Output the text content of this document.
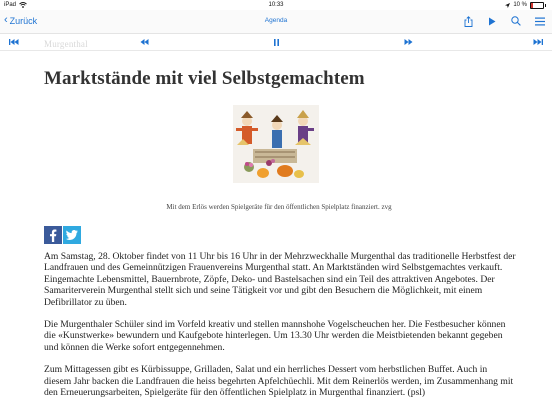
iPad	10:33	10 %
‹ Zurück	Agenda
Murgenthal
Marktstände mit viel Selbstgemachtem
Mit dem Erlös werden Spielgeräte für den öffentlichen Spielplatz finanziert. zvg

Am Samstag, 28. Oktober findet von 11 Uhr bis 16 Uhr in der Mehrzweckhalle Murgenthal das traditionelle Herbstfest der Landfrauen und des Gemeinnützigen Frauenvereins Murgenthal statt. An Marktständen wird Selbstgemachtes verkauft. Eingemachte Lebensmittel, Bauernbrote, Zöpfe, Deko- und Bastelsachen sind ein Teil des attraktiven Angebotes. Der Samariterverein Murgenthal stellt sich und seine Tätigkeit vor und gibt den Besuchern die Möglichkeit, mit einem Defibrillator zu üben.

Die Murgenthaler Schüler sind im Vorfeld kreativ und stellen mannshohe Vogelscheuchen her. Die Festbesucher können die «Kunstwerke» bewundern und Kaufgebote hinterlegen. Um 13.30 Uhr werden die Meistbietenden bekannt gegeben und können die Werke sofort entgegennehmen.

Zum Mittagessen gibt es Kürbissuppe, Grilladen, Salat und ein herrliches Dessert vom herbstlichen Buffet. Auch in diesem Jahr backen die Landfrauen die heiss begehrten Apfelchüechli. Mit dem Reinerlös werden, im Zusammenhang mit den Erneuerungsarbeiten, Spielgeräte für den öffentlichen Spielplatz in Murgenthal finanziert. (psl)
